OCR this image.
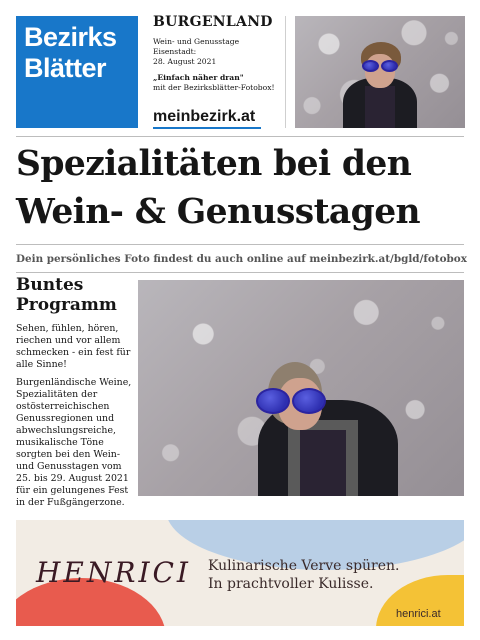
Bezirks
Blätter
BURGENLAND
Wein- und Genusstage
Eisenstadt:
28. August 2021
„Einfach näher dran"
mit der Bezirksblätter-Fotobox!
meinbezirk.at
Spezialitäten bei den
Wein- & Genusstagen
Dein persönliches Foto findest du auch online auf meinbezirk.at/bgld/fotobox
Buntes Programm
Sehen, fühlen, hören, riechen und vor allem schmecken - ein fest für alle Sinne!
Burgenländische Weine, Spezialitäten der ostösterreichischen Genussregionen und abwechslungsreiche, musikalische Töne sorgten bei den Wein- und Genusstagen vom 25. bis 29. August 2021 für ein gelungenes Fest in der Fußgängerzone.
HENRICI Kulinarische Verve spüren.
In prachtvoller Kulisse.
henrici.at
